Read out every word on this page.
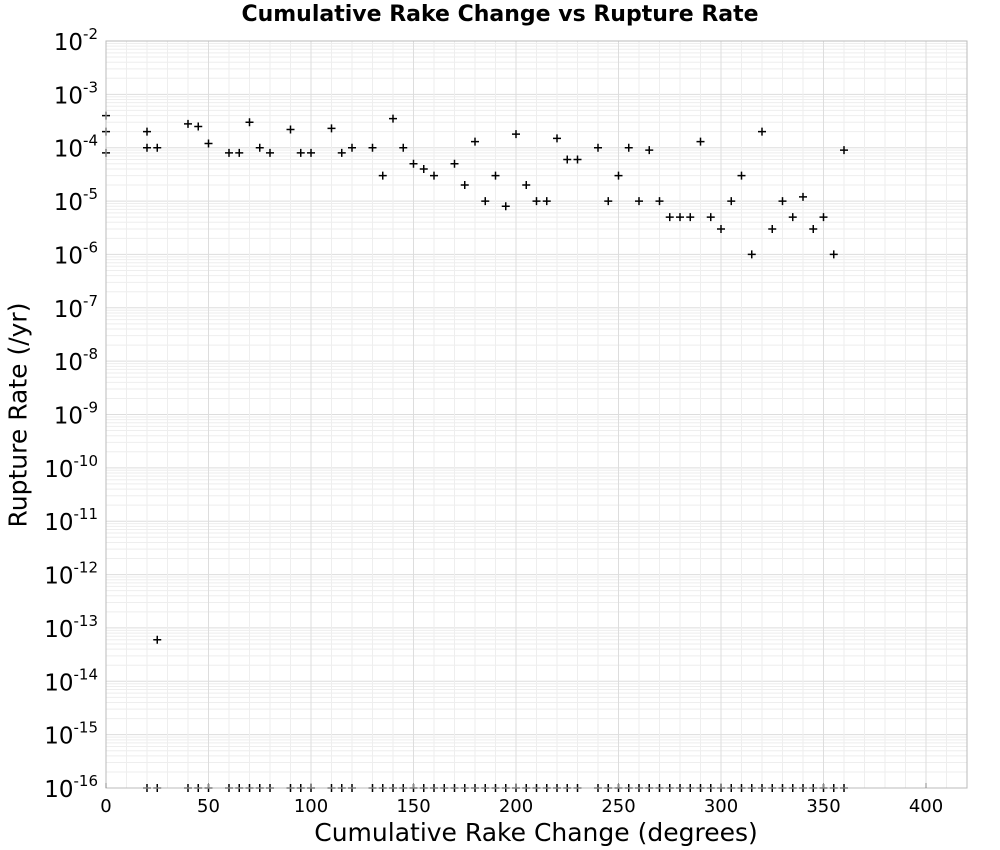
Cumulative Rake Change vs Rupture Rate
Rupture Rate (/yr)
Cumulative Rake Change (degrees)
0	50	100	150	200	250	300	350	400
$10^{-16}$
$10^{-15}$
$10^{-14}$
$10^{-13}$
$10^{-12}$
$10^{-11}$
$10^{-10}$
$10^{-9}$
$10^{-8}$
$10^{-7}$
$10^{-6}$
$10^{-5}$
$10^{-4}$
$10^{-3}$
$10^{-2}$
